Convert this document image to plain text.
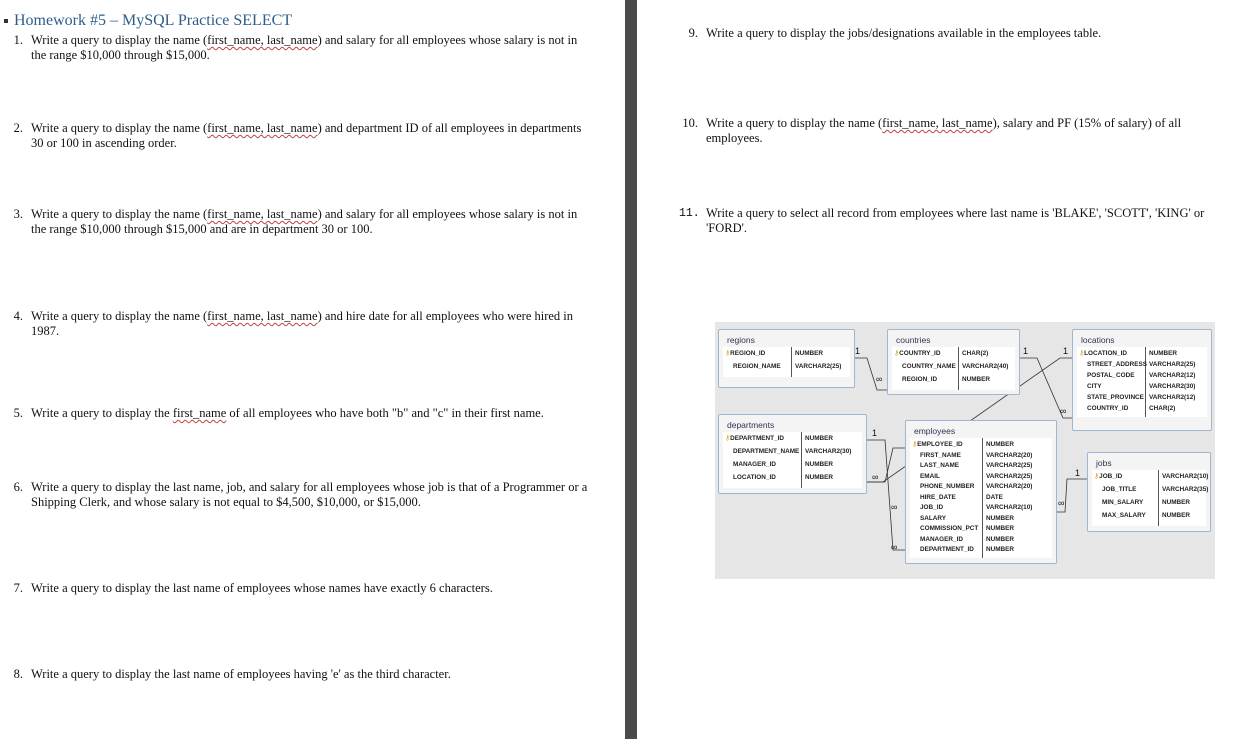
Homework #5 – MySQL Practice SELECT
1. Write a query to display the name (first_name, last_name) and salary for all employees whose salary is not in the range $10,000 through $15,000.
2. Write a query to display the name (first_name, last_name) and department ID of all employees in departments 30 or 100 in ascending order.
3. Write a query to display the name (first_name, last_name) and salary for all employees whose salary is not in the range $10,000 through $15,000 and are in department 30 or 100.
4. Write a query to display the name (first_name, last_name) and hire date for all employees who were hired in 1987.
5. Write a query to display the first_name of all employees who have both "b" and "c" in their first name.
6. Write a query to display the last name, job, and salary for all employees whose job is that of a Programmer or a Shipping Clerk, and whose salary is not equal to $4,500, $10,000, or $15,000.
7. Write a query to display the last name of employees whose names have exactly 6 characters.
8. Write a query to display the last name of employees having 'e' as the third character.
9. Write a query to display the jobs/designations available in the employees table.
10. Write a query to display the name (first_name, last_name), salary and PF (15% of salary) of all employees.
11. Write a query to select all record from employees where last name is 'BLAKE', 'SCOTT', 'KING' or 'FORD'.
1
∞
1	1
∞
1
∞
∞
∞
1
∞
regions
⚷REGION_ID	NUMBER
REGION_NAME VARCHAR2(25)
countries
⚷COUNTRY_ID	CHAR(2)
COUNTRY_NAME VARCHAR2(40)
REGION_ID	NUMBER
locations
⚷LOCATION_ID	NUMBER
STREET_ADDRESS VARCHAR2(25)
POSTAL_CODE VARCHAR2(12)
CITY	VARCHAR2(30)
STATE_PROVINCE VARCHAR2(12)
COUNTRY_ID	CHAR(2)
departments
⚷DEPARTMENT_ID	NUMBER
DEPARTMENT_NAME VARCHAR2(30)
MANAGER_ID	NUMBER
LOCATION_ID	NUMBER
employees
⚷EMPLOYEE_ID	NUMBER
FIRST_NAME	VARCHAR2(20)
LAST_NAME	VARCHAR2(25)
EMAIL	VARCHAR2(25)
PHONE_NUMBER VARCHAR2(20)
HIRE_DATE	DATE
JOB_ID	VARCHAR2(10)
SALARY	NUMBER
COMMISSION_PCT NUMBER
MANAGER_ID	NUMBER
DEPARTMENT_ID NUMBER
jobs
⚷JOB_ID	VARCHAR2(10)
JOB_TITLE	VARCHAR2(35)
MIN_SALARY	NUMBER
MAX_SALARY	NUMBER
